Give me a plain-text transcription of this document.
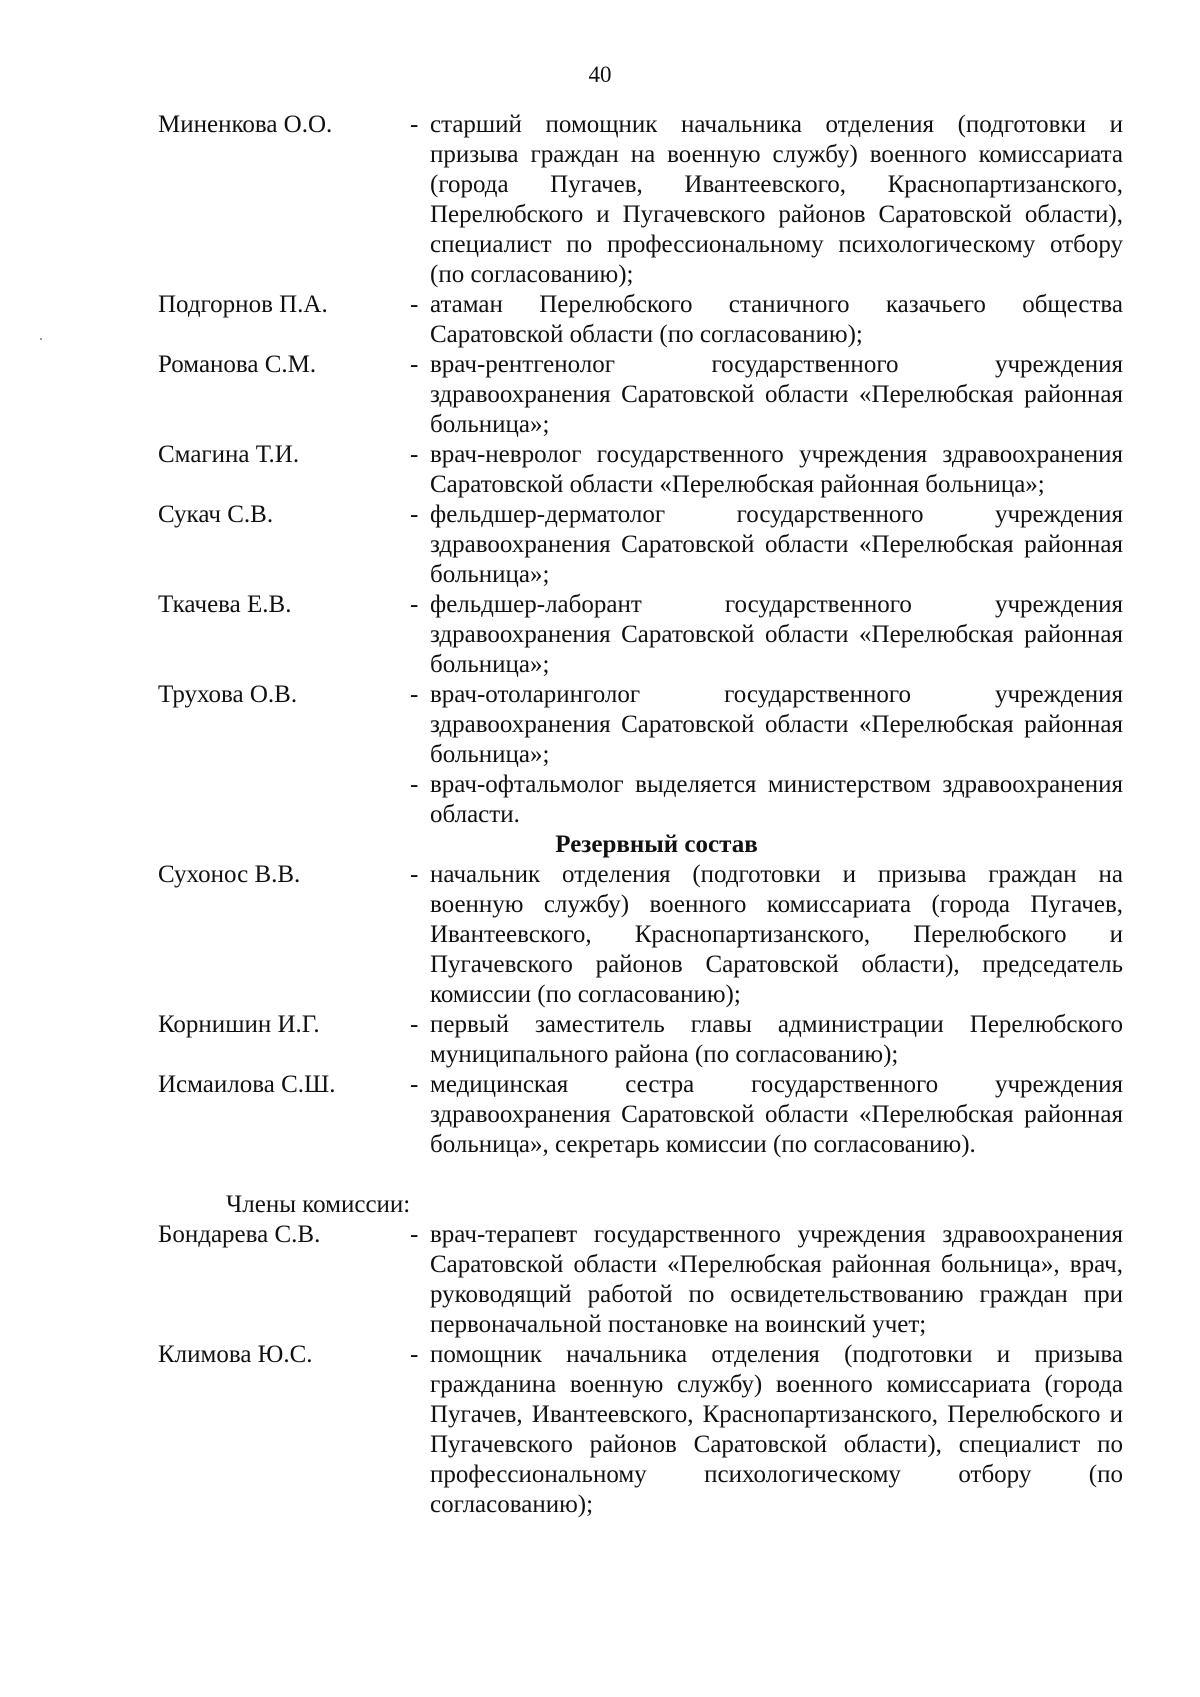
40
Миненкова О.О.	- старший помощник начальника отделения (подготовки и призыва граждан на военную службу) военного комиссариата (города Пугачев, Ивантеевского, Краснопартизанского, Перелюбского и Пугачевского районов Саратовской области), специалист по профессиональному психологическому отбору (по согласованию);
Подгорнов П.А.	- атаман Перелюбского станичного казачьего общества Саратовской области (по согласованию);
Романова С.М.	- врач-рентгенолог государственного учреждения здравоохранения Саратовской области «Перелюбская районная больница»;
Смагина Т.И.	- врач-невролог государственного учреждения здравоохранения Саратовской области «Перелюбская районная больница»;
Сукач С.В.	- фельдшер-дерматолог государственного учреждения здравоохранения Саратовской области «Перелюбская районная больница»;
Ткачева Е.В.	- фельдшер-лаборант государственного учреждения здравоохранения Саратовской области «Перелюбская районная больница»;
Трухова О.В.	- врач-отоларинголог государственного учреждения здравоохранения Саратовской области «Перелюбская районная больница»;
- врач-офтальмолог выделяется министерством здравоохранения области.
Резервный состав
Сухонос В.В.	- начальник отделения (подготовки и призыва граждан на военную службу) военного комиссариата (города Пугачев, Ивантеевского, Краснопартизанского, Перелюбского и Пугачевского районов Саратовской области), председатель комиссии (по согласованию);
Корнишин И.Г.	- первый заместитель главы администрации Перелюбского муниципального района (по согласованию);
Исмаилова С.Ш.	- медицинская сестра государственного учреждения здравоохранения Саратовской области «Перелюбская районная больница», секретарь комиссии (по согласованию).
Члены комиссии:
Бондарева С.В.	- врач-терапевт государственного учреждения здравоохранения Саратовской области «Перелюбская районная больница», врач, руководящий работой по освидетельствованию граждан при первоначальной постановке на воинский учет;
Климова Ю.С.	- помощник начальника отделения (подготовки и призыва гражданина военную службу) военного комиссариата (города Пугачев, Ивантеевского, Краснопартизанского, Перелюбского и Пугачевского районов Саратовской области), специалист по профессиональному психологическому отбору (по согласованию);
